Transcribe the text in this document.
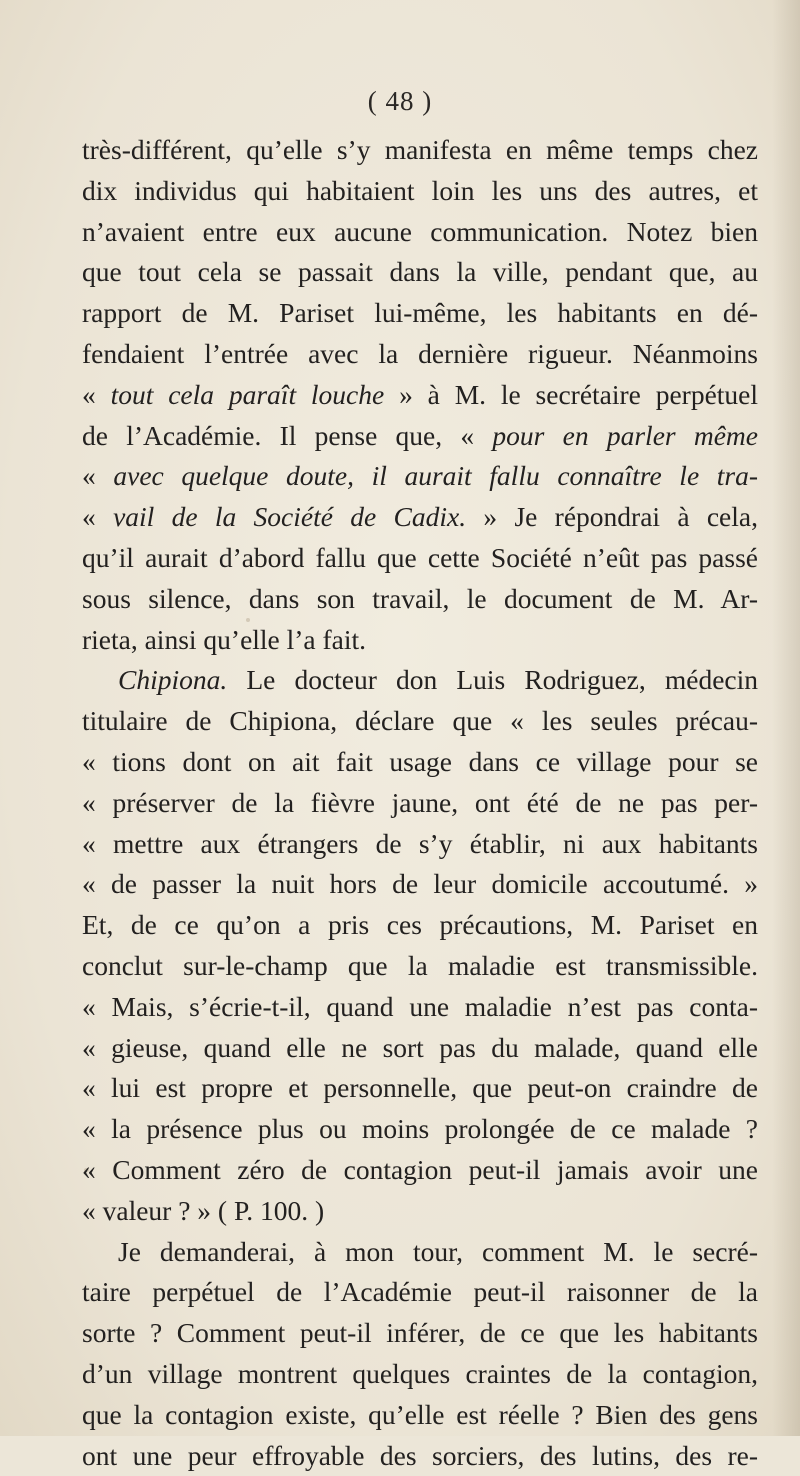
( 48 )
très-différent, qu’elle s’y manifesta en même temps chez
dix individus qui habitaient loin les uns des autres, et
n’avaient entre eux aucune communication. Notez bien
que tout cela se passait dans la ville, pendant que, au
rapport de M. Pariset lui-même, les habitants en dé-
fendaient l’entrée avec la dernière rigueur. Néanmoins
« tout cela paraît louche » à M. le secrétaire perpétuel
de l’Académie. Il pense que, « pour en parler même
« avec quelque doute, il aurait fallu connaître le tra-
« vail de la Société de Cadix. » Je répondrai à cela,
qu’il aurait d’abord fallu que cette Société n’eût pas passé
sous silence, dans son travail, le document de M. Ar-
rieta, ainsi qu’elle l’a fait.
Chipiona. Le docteur don Luis Rodriguez, médecin
titulaire de Chipiona, déclare que « les seules précau-
« tions dont on ait fait usage dans ce village pour se
« préserver de la fièvre jaune, ont été de ne pas per-
« mettre aux étrangers de s’y établir, ni aux habitants
« de passer la nuit hors de leur domicile accoutumé. »
Et, de ce qu’on a pris ces précautions, M. Pariset en
conclut sur-le-champ que la maladie est transmissible.
« Mais, s’écrie-t-il, quand une maladie n’est pas conta-
« gieuse, quand elle ne sort pas du malade, quand elle
« lui est propre et personnelle, que peut-on craindre de
« la présence plus ou moins prolongée de ce malade ?
« Comment zéro de contagion peut-il jamais avoir une
« valeur ? » ( P. 100. )
Je demanderai, à mon tour, comment M. le secré-
taire perpétuel de l’Académie peut-il raisonner de la
sorte ? Comment peut-il inférer, de ce que les habitants
d’un village montrent quelques craintes de la contagion,
que la contagion existe, qu’elle est réelle ? Bien des gens
ont une peur effroyable des sorciers, des lutins, des re-
